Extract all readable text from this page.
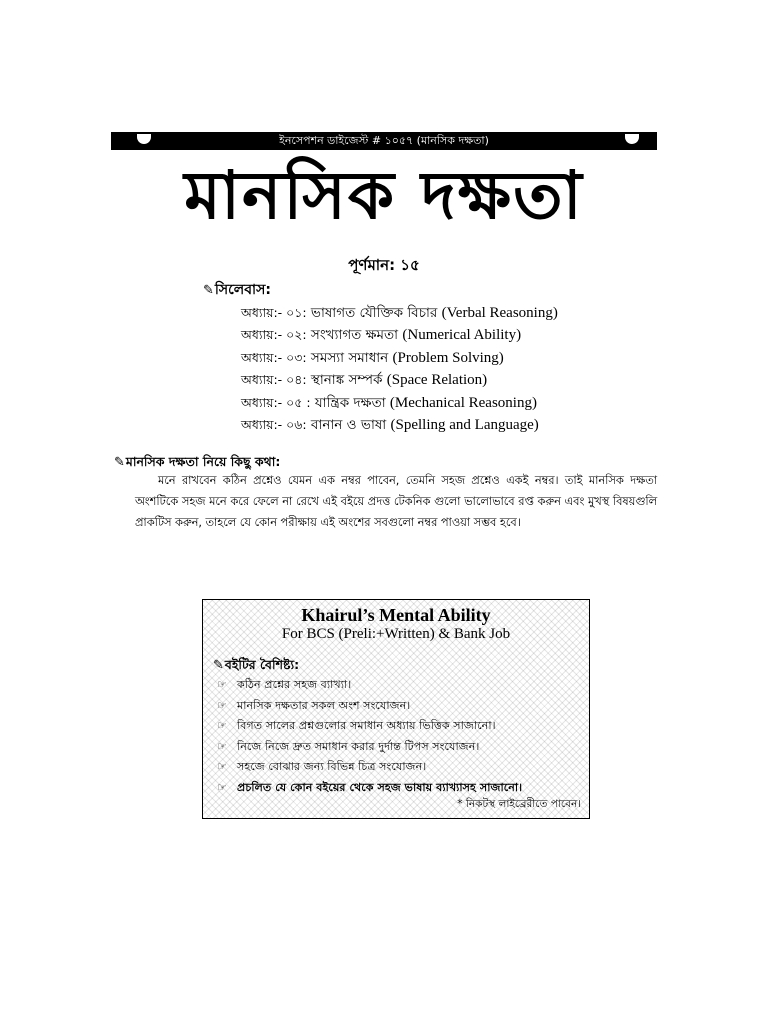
ইনসেপশন ডাইজেস্ট # ১০৫৭ (মানসিক দক্ষতা)
মানসিক দক্ষতা
পূর্ণমান: ১৫
✎সিলেবাস:
অধ্যায়:- ০১: ভাষাগত যৌক্তিক বিচার (Verbal Reasoning)
অধ্যায়:- ০২: সংখ্যাগত ক্ষমতা (Numerical Ability)
অধ্যায়:- ০৩: সমস্যা সমাধান (Problem Solving)
অধ্যায়:- ০৪: স্থানাঙ্ক সম্পর্ক (Space Relation)
অধ্যায়:- ০৫ : যান্ত্রিক দক্ষতা (Mechanical Reasoning)
অধ্যায়:- ০৬: বানান ও ভাষা (Spelling and Language)
✎মানসিক দক্ষতা নিয়ে কিছু কথা:

মনে রাখবেন কঠিন প্রশ্নেও যেমন এক নম্বর পাবেন, তেমনি সহজ প্রশ্নেও একই নম্বর। তাই মানসিক দক্ষতা অংশটিকে সহজ মনে করে ফেলে না রেখে এই বইয়ে প্রদত্ত টেকনিক গুলো ভালোভাবে রপ্ত করুন এবং মুখস্থ বিষয়গুলি প্রাকটিস করুন, তাহলে যে কোন পরীক্ষায় এই অংশের সবগুলো নম্বর পাওয়া সম্ভব হবে।

Khairul’s Mental Ability
For BCS (Preli:+Written) & Bank Job
✎বইটির বৈশিষ্ট্য:
☞ কঠিন প্রশ্নের সহজ ব্যাখ্যা।
☞ মানসিক দক্ষতার সকল অংশ সংযোজন।
☞ বিগত সালের প্রশ্নগুলোর সমাধান অধ্যায় ভিত্তিক সাজানো।
☞ নিজে নিজে দ্রুত সমাধান করার দুর্দান্ত টিপস সংযোজন।
☞ সহজে বোঝার জন্য বিভিন্ন চিত্র সংযোজন।
☞ প্রচলিত যে কোন বইয়ের থেকে সহজ ভাষায় ব্যাখ্যাসহ সাজানো।
* নিকটস্থ লাইব্রেরীতে পাবেন।
